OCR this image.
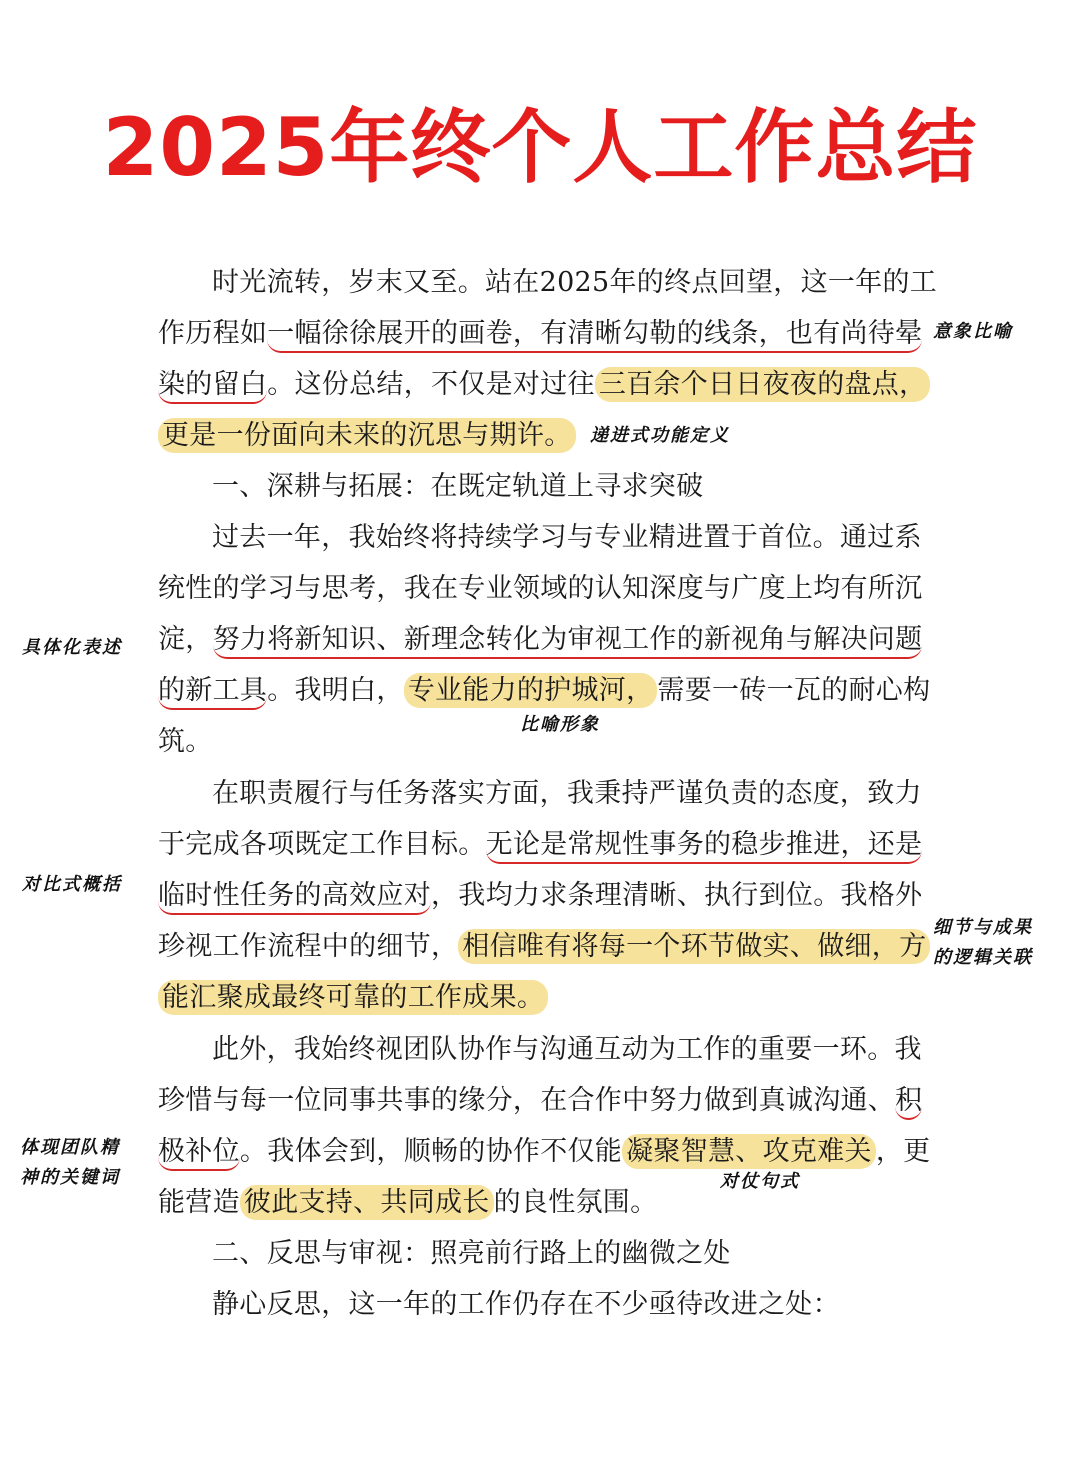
2025年终个人工作总结
时光流转，岁末又至。站在2025年的终点回望，这一年的工
作历程如一幅徐徐展开的画卷，有清晰勾勒的线条，也有尚待晕
染的留白。这份总结，不仅是对过往 三百余个日日夜夜的盘点，
更是一份面向未来的沉思与期许。
一、深耕与拓展：在既定轨道上寻求突破
过去一年，我始终将持续学习与专业精进置于首位。通过系
统性的学习与思考，我在专业领域的认知深度与广度上均有所沉
淀，努力将新知识、新理念转化为审视工作的新视角与解决问题
的新工具。我明白， 专业能力的护城河， 需要一砖一瓦的耐心构
筑。
在职责履行与任务落实方面，我秉持严谨负责的态度，致力
于完成各项既定工作目标。无论是常规性事务的稳步推进，还是
临时性任务的高效应对，我均力求条理清晰、执行到位。我格外
珍视工作流程中的细节， 相信唯有将每一个环节做实、做细，方
能汇聚成最终可靠的工作成果。
此外，我始终视团队协作与沟通互动为工作的重要一环。我
珍惜与每一位同事共事的缘分，在合作中努力做到真诚沟通、积
极补位。我体会到，顺畅的协作不仅能 凝聚智慧、攻克难关 ，更
能营造 彼此支持、共同成长 的良性氛围。
二、反思与审视：照亮前行路上的幽微之处
静心反思，这一年的工作仍存在不少亟待改进之处：
意象比喻
递进式功能定义
具体化表述
比喻形象
对比式概括
细节与成果
的逻辑关联
体现团队精
神的关键词	对仗句式
